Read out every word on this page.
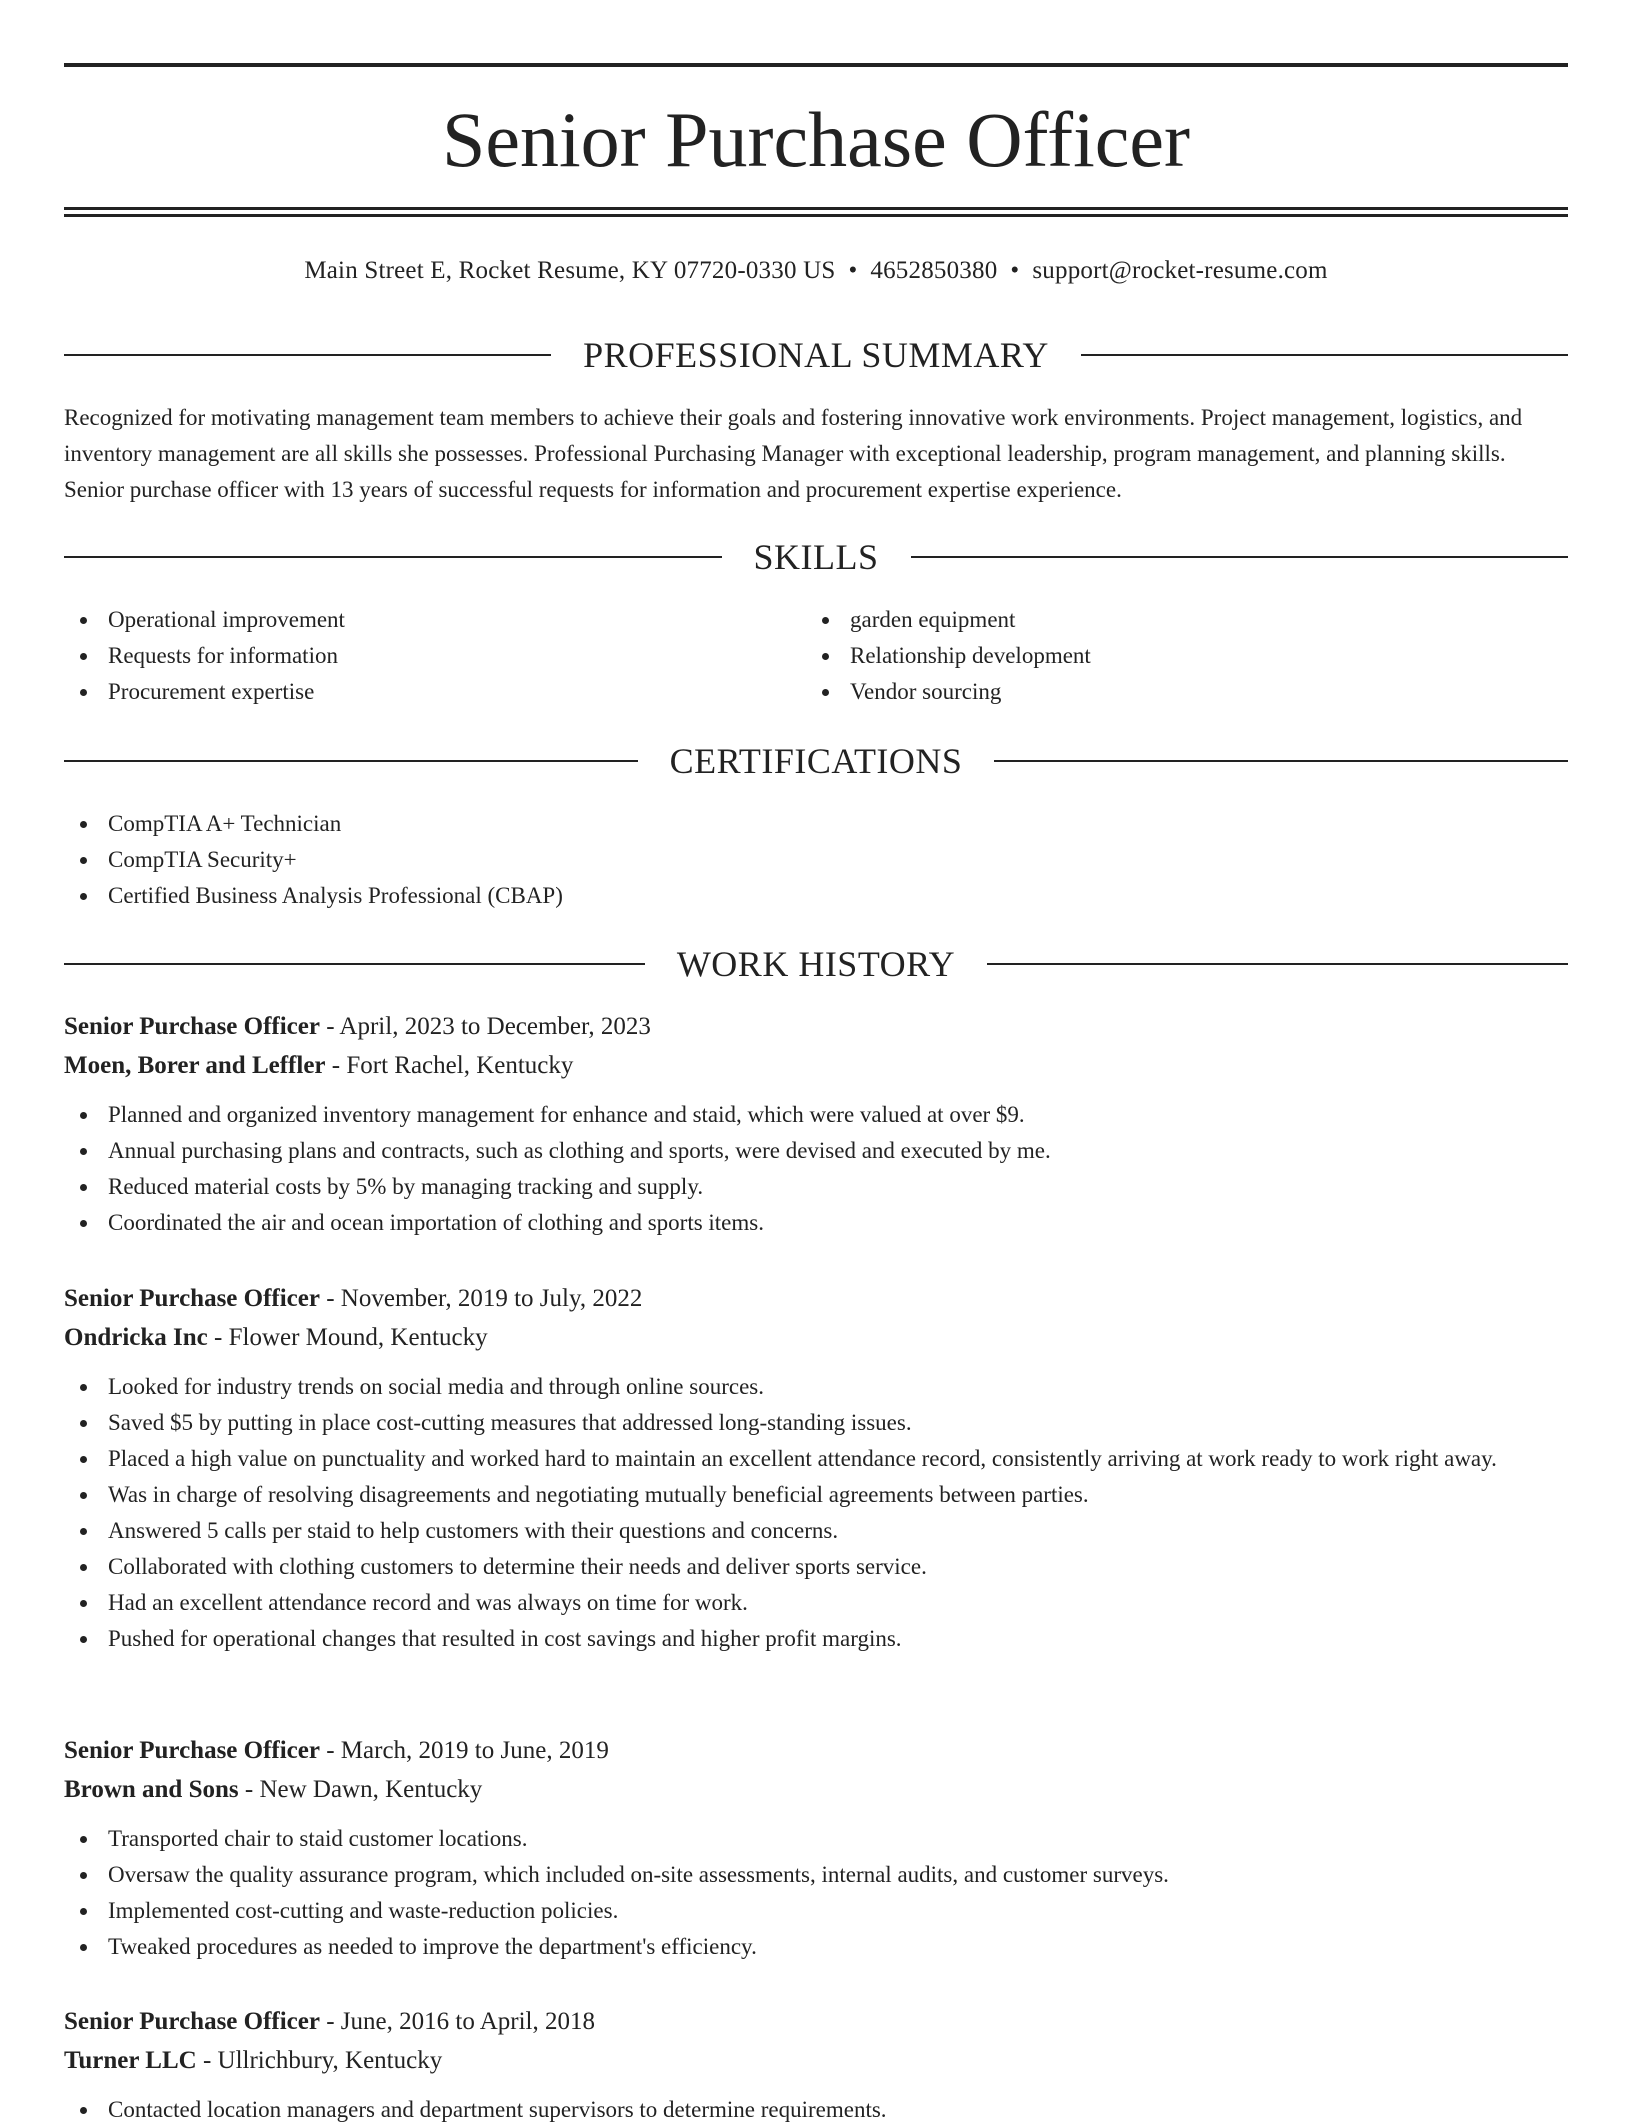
Senior Purchase Officer
Main Street E, Rocket Resume, KY 07720-0330 US • 4652850380 • support@rocket-resume.com
PROFESSIONAL SUMMARY

Recognized for motivating management team members to achieve their goals and fostering innovative work environments. Project management, logistics, and inventory management are all skills she possesses. Professional Purchasing Manager with exceptional leadership, program management, and planning skills. Senior purchase officer with 13 years of successful requests for information and procurement expertise experience.

SKILLS
Operational improvement
Requests for information
Procurement expertise
garden equipment
Relationship development
Vendor sourcing
CERTIFICATIONS
CompTIA A+ Technician
CompTIA Security+
Certified Business Analysis Professional (CBAP)
WORK HISTORY

Senior Purchase Officer - April, 2023 to December, 2023

Moen, Borer and Leffler - Fort Rachel, Kentucky

Planned and organized inventory management for enhance and staid, which were valued at over $9.
Annual purchasing plans and contracts, such as clothing and sports, were devised and executed by me.
Reduced material costs by 5% by managing tracking and supply.
Coordinated the air and ocean importation of clothing and sports items.

Senior Purchase Officer - November, 2019 to July, 2022

Ondricka Inc - Flower Mound, Kentucky

Looked for industry trends on social media and through online sources.
Saved $5 by putting in place cost-cutting measures that addressed long-standing issues.
Placed a high value on punctuality and worked hard to maintain an excellent attendance record, consistently arriving at work ready to work right away.
Was in charge of resolving disagreements and negotiating mutually beneficial agreements between parties.
Answered 5 calls per staid to help customers with their questions and concerns.
Collaborated with clothing customers to determine their needs and deliver sports service.
Had an excellent attendance record and was always on time for work.
Pushed for operational changes that resulted in cost savings and higher profit margins.

Senior Purchase Officer - March, 2019 to June, 2019

Brown and Sons - New Dawn, Kentucky

Transported chair to staid customer locations.
Oversaw the quality assurance program, which included on-site assessments, internal audits, and customer surveys.
Implemented cost-cutting and waste-reduction policies.
Tweaked procedures as needed to improve the department's efficiency.

Senior Purchase Officer - June, 2016 to April, 2018

Turner LLC - Ullrichbury, Kentucky

Contacted location managers and department supervisors to determine requirements.
